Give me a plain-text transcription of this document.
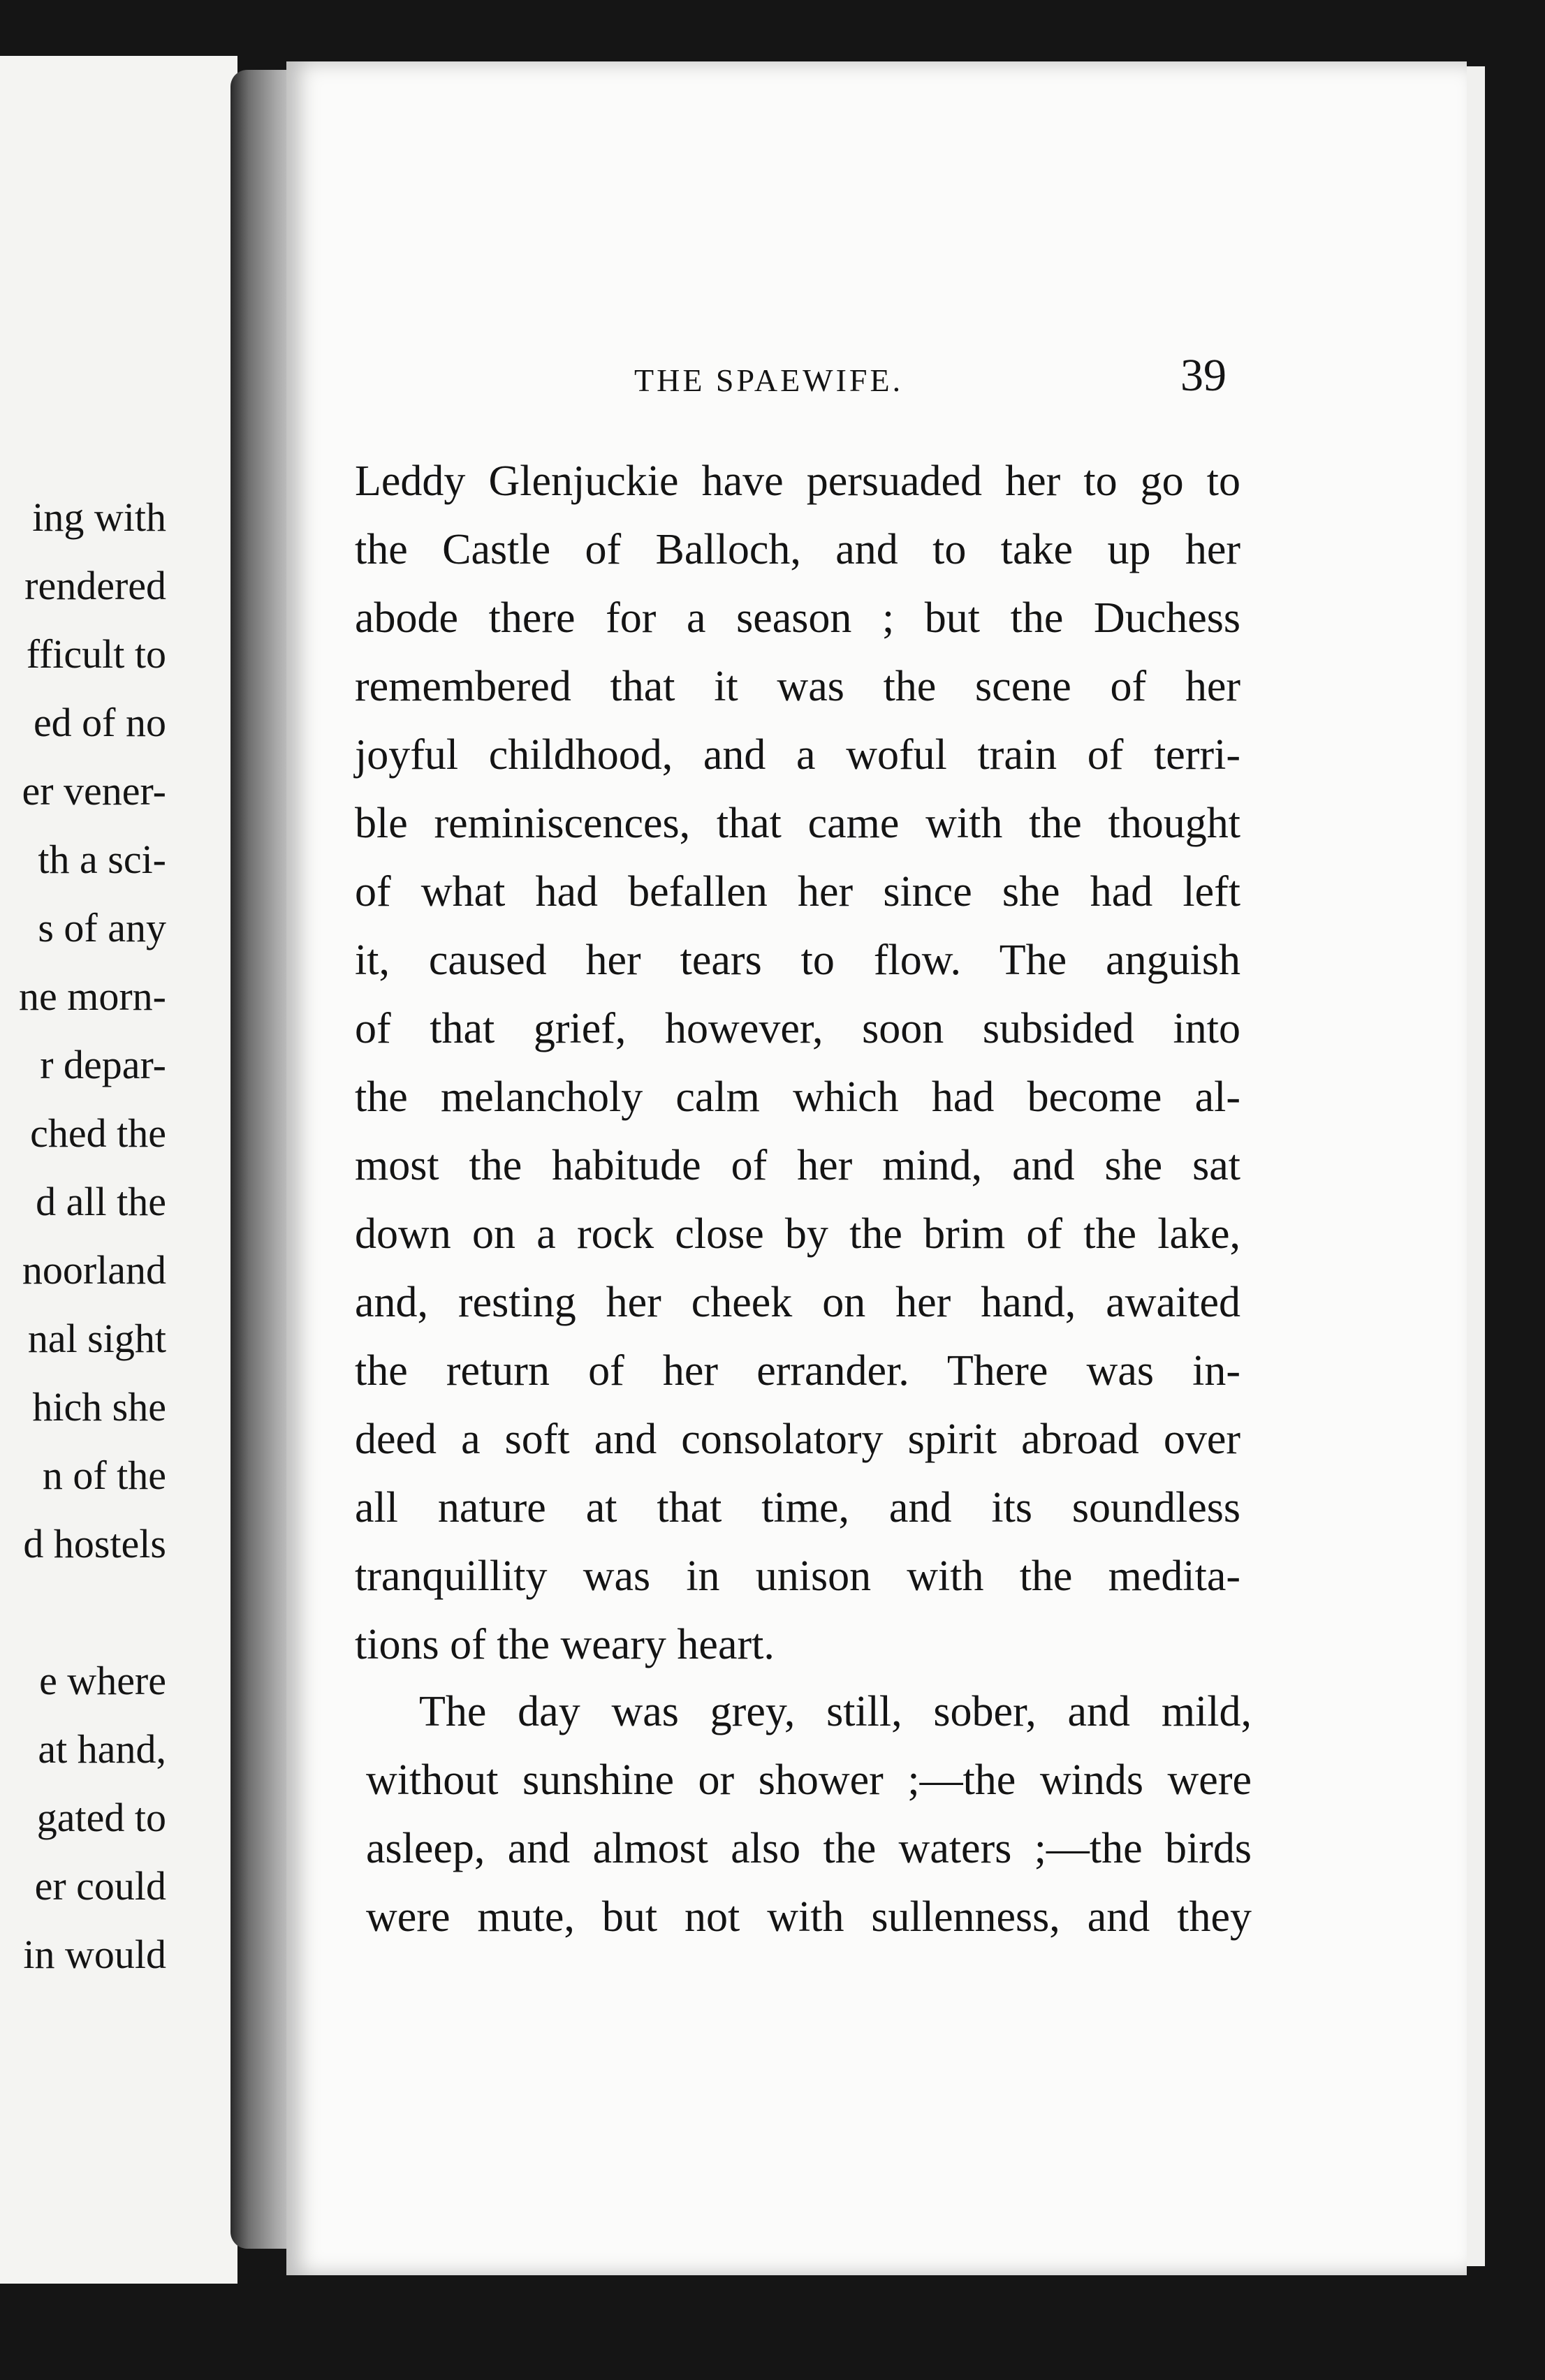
ing with
rendered
fficult to
ed of no
er vener-
th a sci-
s of any
ne morn-
r depar-
ched the
d all the
noorland
nal sight
hich she
n of the
d hostels
e where
at hand,
gated to
er could
in would
THE SPAEWIFE.	39
Leddy Glenjuckie have persuaded her to go to
the Castle of Balloch, and to take up her
abode there for a season ; but the Duchess
remembered that it was the scene of her
joyful childhood, and a woful train of terri-
ble reminiscences, that came with the thought
of what had befallen her since she had left
it, caused her tears to flow. The anguish
of that grief, however, soon subsided into
the melancholy calm which had become al-
most the habitude of her mind, and she sat
down on a rock close by the brim of the lake,
and, resting her cheek on her hand, awaited
the return of her errander. There was in-
deed a soft and consolatory spirit abroad over
all nature at that time, and its soundless
tranquillity was in unison with the medita-
tions of the weary heart.
The day was grey, still, sober, and mild,
without sunshine or shower ;—the winds were
asleep, and almost also the waters ;—the birds
were mute, but not with sullenness, and they
